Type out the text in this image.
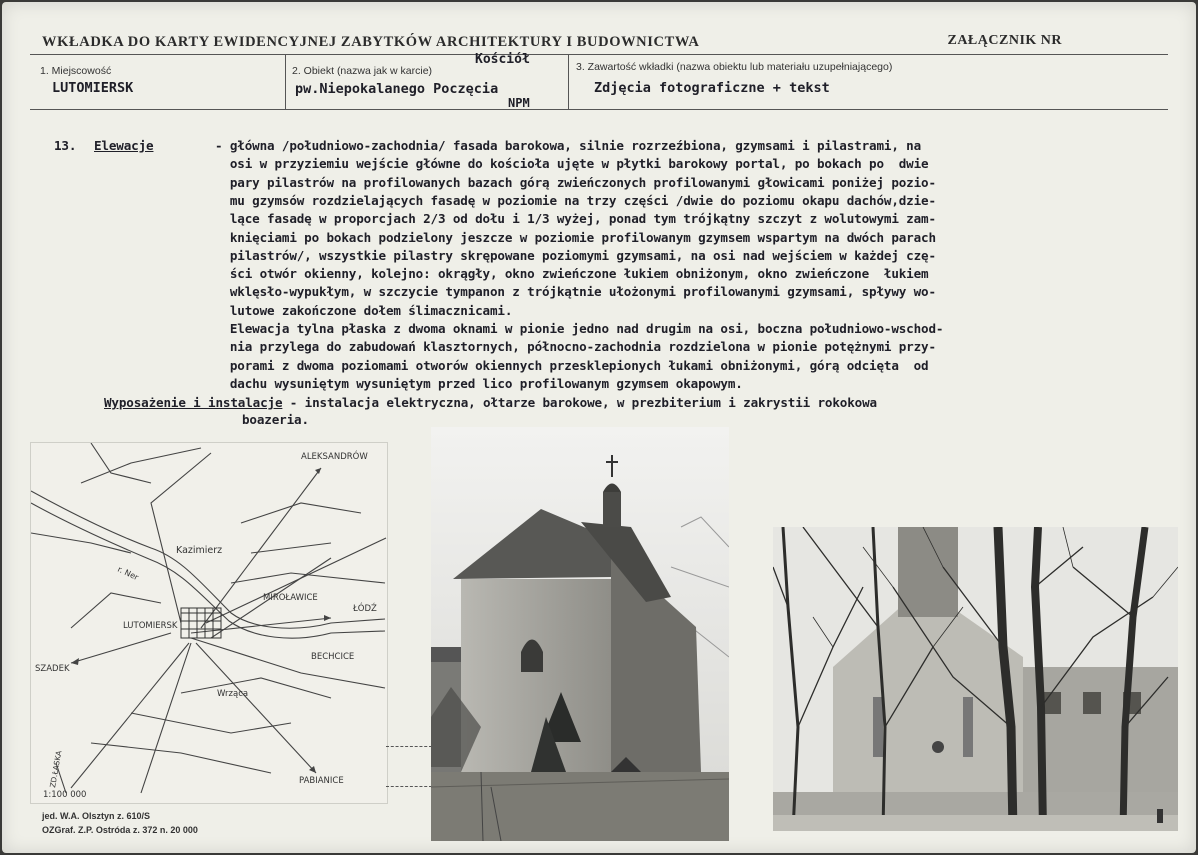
WKŁADKA DO KARTY EWIDENCYJNEJ ZABYTKÓW ARCHITEKTURY I BUDOWNICTWA	ZAŁĄCZNIK NR
1. Miejscowość
LUTOMIERSK
2. Obiekt (nazwa jak w karcie)
Kościół
pw.Niepokalanego Poczęcia
NPM
3. Zawartość wkładki (nazwa obiektu lub materiału uzupełniającego)
Zdjęcia fotograficzne + tekst
13. Elewacje	- główna /południowo-zachodnia/ fasada barokowa, silnie rozrzeźbiona, gzymsami i pilastrami, na
osi w przyziemiu wejście główne do kościoła ujęte w płytki barokowy portal, po bokach po  dwie
pary pilastrów na profilowanych bazach górą zwieńczonych profilowanymi głowicami poniżej pozio-
mu gzymsów rozdzielających fasadę w poziomie na trzy części /dwie do poziomu okapu dachów,dzie-
lące fasadę w proporcjach 2/3 od dołu i 1/3 wyżej, ponad tym trójkątny szczyt z wolutowymi zam-
knięciami po bokach podzielony jeszcze w poziomie profilowanym gzymsem wspartym na dwóch parach
pilastrów/, wszystkie pilastry skrępowane poziomymi gzymsami, na osi nad wejściem w każdej czę-
ści otwór okienny, kolejno: okrągły, okno zwieńczone łukiem obniżonym, okno zwieńczone  łukiem
wklęsło-wypukłym, w szczycie tympanon z trójkątnie ułożonymi profilowanymi gzymsami, spływy wo-
lutowe zakończone dołem ślimacznicami.
Elewacja tylna płaska z dwoma oknami w pionie jedno nad drugim na osi, boczna południowo-wschod-
nia przylega do zabudowań klasztornych, północno-zachodnia rozdzielona w pionie potężnymi przy-
porami z dwoma poziomami otworów okiennych przesklepionych łukami obniżonymi, górą odcięta  od
dachu wysuniętym wysuniętym przed lico profilowanym gzymsem okapowym.
Wyposażenie i instalacje - instalacja elektryczna, ołtarze barokowe, w prezbiterium i zakrystii rokokowa
boazeria.
ALEKSANDRÓW
Kazimierz
r. Ner
MIROŁAWICE
ŁÓDŹ
LUTOMIERSK
SZADEK
BECHCICE
Wrząca
PABIANICE
ZD.ŁASKA
1:100 000
jed. W.A. Olsztyn z. 610/S
OZGraf. Z.P. Ostróda z. 372 n. 20 000
